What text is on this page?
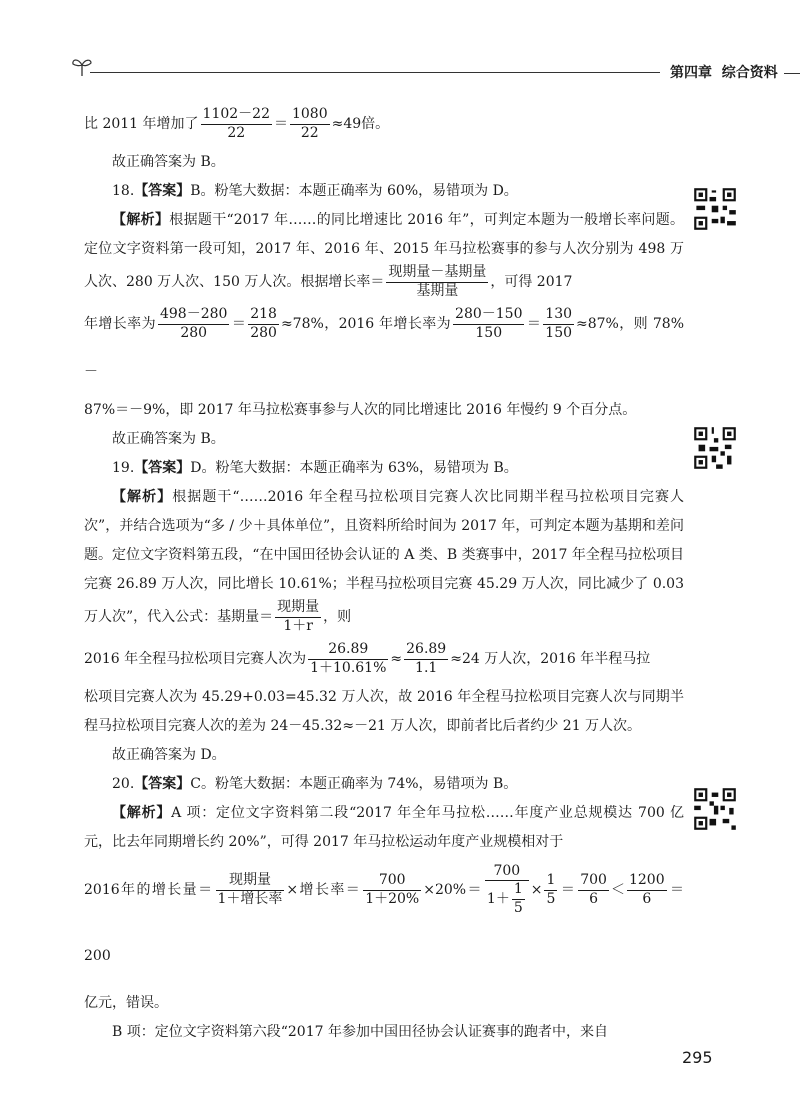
第四章 综合资料

比 2011 年增加了 $\frac{1102-22}{22} = \frac{1080}{22} \approx 49$倍。

故正确答案为 B。

18.【答案】B。粉笔大数据：本题正确率为 60%，易错项为 D。

【解析】根据题干“2017 年……的同比增速比 2016 年”，可判定本题为一般增长率问题。定位文字资料第一段可知，2017 年、2016 年、2015 年马拉松赛事的参与人次分别为 498 万人次、280 万人次、150 万人次。根据增长率＝ $\frac{\text{现期量－基期量}}{\text{基期量}}$ ，可得 2017

年增长率为 $\frac{498-280}{280} = \frac{218}{280} \approx 78\%$，2016 年增长率为 $\frac{280-150}{150} = \frac{130}{150} \approx 87\%$，则 78%－

87%＝－9%，即 2017 年马拉松赛事参与人次的同比增速比 2016 年慢约 9 个百分点。

故正确答案为 B。

19.【答案】D。粉笔大数据：本题正确率为 63%，易错项为 B。

【解析】根据题干“……2016 年全程马拉松项目完赛人次比同期半程马拉松项目完赛人次”，并结合选项为“多 / 少＋具体单位”，且资料所给时间为 2017 年，可判定本题为基期和差问题。定位文字资料第五段，“在中国田径协会认证的 A 类、B 类赛事中，2017 年全程马拉松项目完赛 26.89 万人次，同比增长 10.61%；半程马拉松项目完赛 45.29 万人次，同比减少了 0.03 万人次”，代入公式：基期量＝ $\frac{\text{现期量}}{1+r}$ ，则

2016 年全程马拉松项目完赛人次为 $\frac{26.89}{1+10.61\%} \approx \frac{26.89}{1.1} \approx 24$ 万人次，2016 年半程马拉

松项目完赛人次为 45.29+0.03=45.32 万人次，故 2016 年全程马拉松项目完赛人次与同期半程马拉松项目完赛人次的差为 24－45.32≈－21 万人次，即前者比后者约少 21 万人次。

故正确答案为 D。

20.【答案】C。粉笔大数据：本题正确率为 74%，易错项为 B。

【解析】A 项：定位文字资料第二段“2017 年全年马拉松……年度产业总规模达 700 亿元，比去年同期增长约 20%”，可得 2017 年马拉松运动年度产业规模相对于

2016年的增长量＝ $\frac{\text{现期量}}{\text{1＋增长率}}$ ×增长率＝ $\frac{700}{1+20\%} \times 20\%= \frac{700}{1+ \frac{1}{5}} \times \frac{1}{5} = \frac{700}{6} < \frac{1200}{6} =200$

亿元，错误。

B 项：定位文字资料第六段“2017 年参加中国田径协会认证赛事的跑者中，来自

295
